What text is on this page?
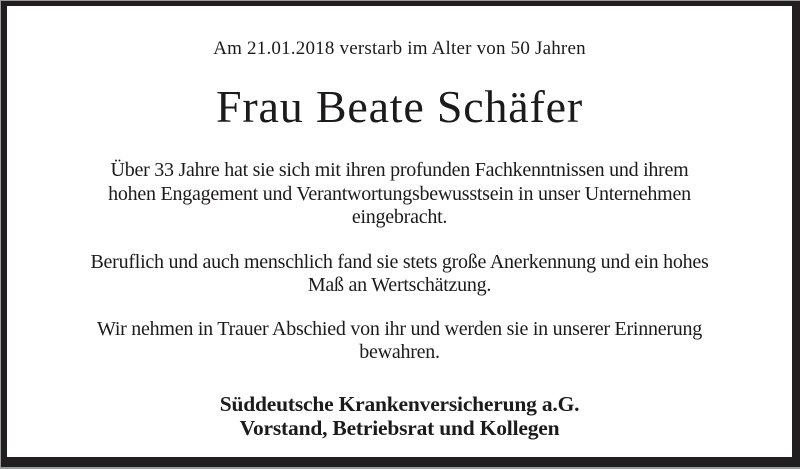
Am 21.01.2018 verstarb im Alter von 50 Jahren
Frau Beate Schäfer
Über 33 Jahre hat sie sich mit ihren profunden Fachkenntnissen und ihrem
hohen Engagement und Verantwortungsbewusstsein in unser Unternehmen
eingebracht.
Beruflich und auch menschlich fand sie stets große Anerkennung und ein hohes
Maß an Wertschätzung.
Wir nehmen in Trauer Abschied von ihr und werden sie in unserer Erinnerung
bewahren.
Süddeutsche Krankenversicherung a.G.
Vorstand, Betriebsrat und Kollegen
